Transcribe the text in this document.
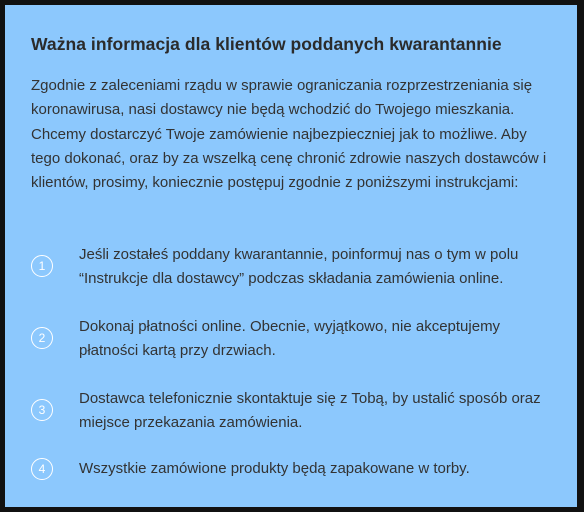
Ważna informacja dla klientów poddanych kwarantannie

Zgodnie z zaleceniami rządu w sprawie ograniczania rozprzestrzeniania się koronawirusa, nasi dostawcy nie będą wchodzić do Twojego mieszkania. Chcemy dostarczyć Twoje zamówienie najbezpieczniej jak to możliwe. Aby tego dokonać, oraz by za wszelką cenę chronić zdrowie naszych dostawców i klientów, prosimy, koniecznie postępuj zgodnie z poniższymi instrukcjami:

1
Jeśli zostałeś poddany kwarantannie, poinformuj nas o tym w polu “Instrukcje dla dostawcy” podczas składania zamówienia online.
2
Dokonaj płatności online. Obecnie, wyjątkowo, nie akceptujemy płatności kartą przy drzwiach.
3
Dostawca telefonicznie skontaktuje się z Tobą, by ustalić sposób oraz miejsce przekazania zamówienia.
4	Wszystkie zamówione produkty będą zapakowane w torby.
